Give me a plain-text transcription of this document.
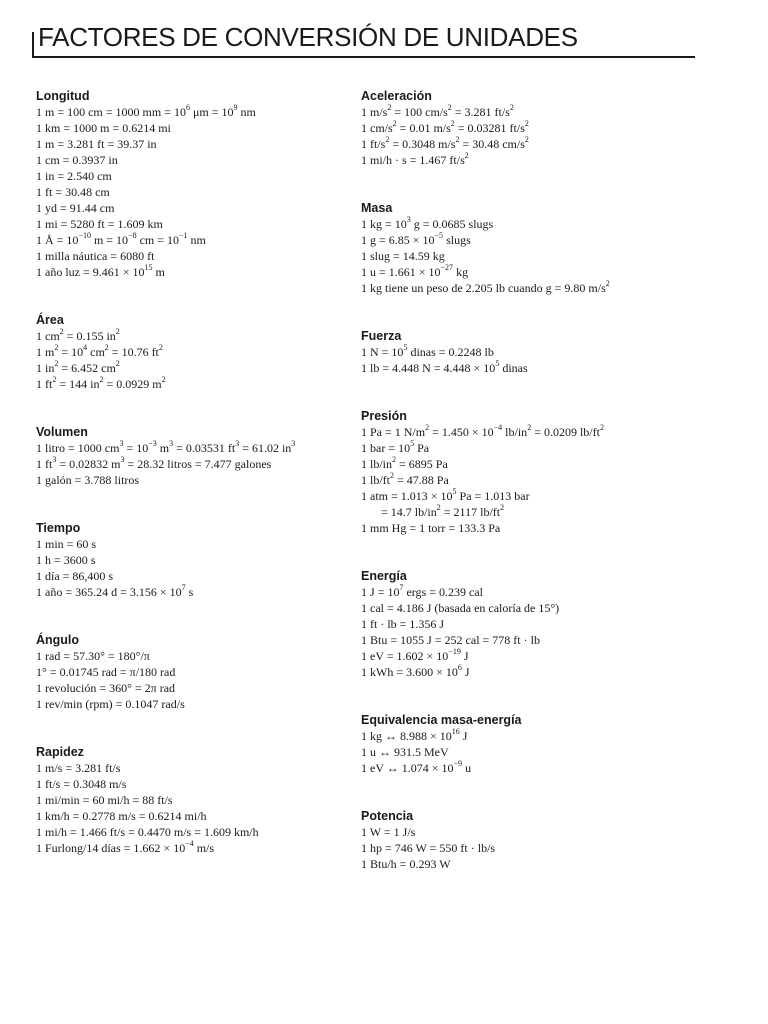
FACTORES DE CONVERSIÓN DE UNIDADES
Longitud
1 m = 100 cm = 1000 mm = $10^6$ $\mu m = 10^9$ nm
1 km = 1000 m = 0.6214 mi
1 m = 3.281 ft = 39.37 in
1 cm = 0.3937 in
1 in = 2.540 cm
1 ft = 30.48 cm
1 yd = 91.44 cm
1 mi = 5280 ft = 1.609 km
1 Å = $10^{-10}$ $m = 10^{-8}$ cm = $10^{-1}$ nm
1 milla náutica = 6080 ft
1 año luz = $9.461 \times 10^{15}$ m
Área
1 $cm^2 = 0.155$ $in^2$
1 $m^2 = 10^4$ $cm^2 = 10.76$ $ft^2$
1 $in^2 = 6.452$ $cm^2$
1 $ft^2 = 144$ $in^2 = 0.0929$ $m^2$
Volumen
1 litro = 1000 $cm^3 = 10^{-3}$ $m^3 = 0.03531$ $ft^3 = 61.02$ $in^3$
1 $ft^3 = 0.02832$ $m^3 = 28.32$ litros = 7.477 galones
1 galón = 3.788 litros
Tiempo
1 min = 60 s
1 h = 3600 s
1 día = 86,400 s
1 año = 365.24 $d = 3.156 \times 10^7$ s
Ángulo
1 rad = 57.30° = 180°/π
1° = 0.01745 rad = π/180 rad
1 revolución = 360° = 2π rad
1 rev/min (rpm) = 0.1047 rad/s
Rapidez
1 m/s = 3.281 ft/s
1 ft/s = 0.3048 m/s
1 mi/min = 60 mi/h = 88 ft/s
1 km/h = 0.2778 m/s = 0.6214 mi/h
1 mi/h = 1.466 ft/s = 0.4470 m/s = 1.609 km/h
1 Furlong/14 días = $1.662 \times 10^{-4}$ m/s
Aceleración
1 $m/s^2 = 100$ $cm/s^2 = 3.281$ $ft/s^2$
1 $cm/s^2 = 0.01$ $m/s^2 = 0.03281$ $ft/s^2$
1 $ft/s^2 = 0.3048$ $m/s^2 = 30.48$ $cm/s^2$
1 mi/h · s = 1.467 $ft/s^2$
Masa
1 kg = $10^3$ g = 0.0685 slugs
1 $g = 6.85 \times 10^{-5}$ slugs
1 slug = 14.59 kg
1 $u = 1.661 \times 10^{-27}$ kg
1 kg tiene un peso de 2.205 lb cuando g = 9.80 $m/s^2$
Fuerza
1 $N = 10^5$ dinas = 0.2248 lb
1 lb = 4.448 $N = 4.448 \times 10^5$ dinas
Presión
1 Pa = 1 $N/m^2 = 1.450 \times 10^{-4}$ $lb/in^2 = 0.0209$ $lb/ft^2$
1 bar = $10^5$ Pa
1 $lb/in^2 = 6895$ Pa
1 $lb/ft^2 = 47.88$ Pa
1 atm = $1.013 \times 10^5$ Pa = 1.013 bar
= 14.7 $lb/in^2 = 2117$ $lb/ft^2$
1 mm Hg = 1 torr = 133.3 Pa
Energía
1 $J = 10^7$ ergs = 0.239 cal
1 cal = 4.186 J (basada en caloría de 15°)
1 ft · lb = 1.356 J
1 Btu = 1055 J = 252 cal = 778 ft · lb
1 eV = $1.602 \times 10^{-19}$ J
1 kWh = $3.600 \times 10^6$ J
Equivalencia masa-energía
1 kg ↔ $8.988 \times 10^{16}$ J
1 u ↔ 931.5 MeV
1 eV ↔ $1.074 \times 10^{-9}$ u
Potencia
1 W = 1 J/s
1 hp = 746 W = 550 ft · lb/s
1 Btu/h = 0.293 W
